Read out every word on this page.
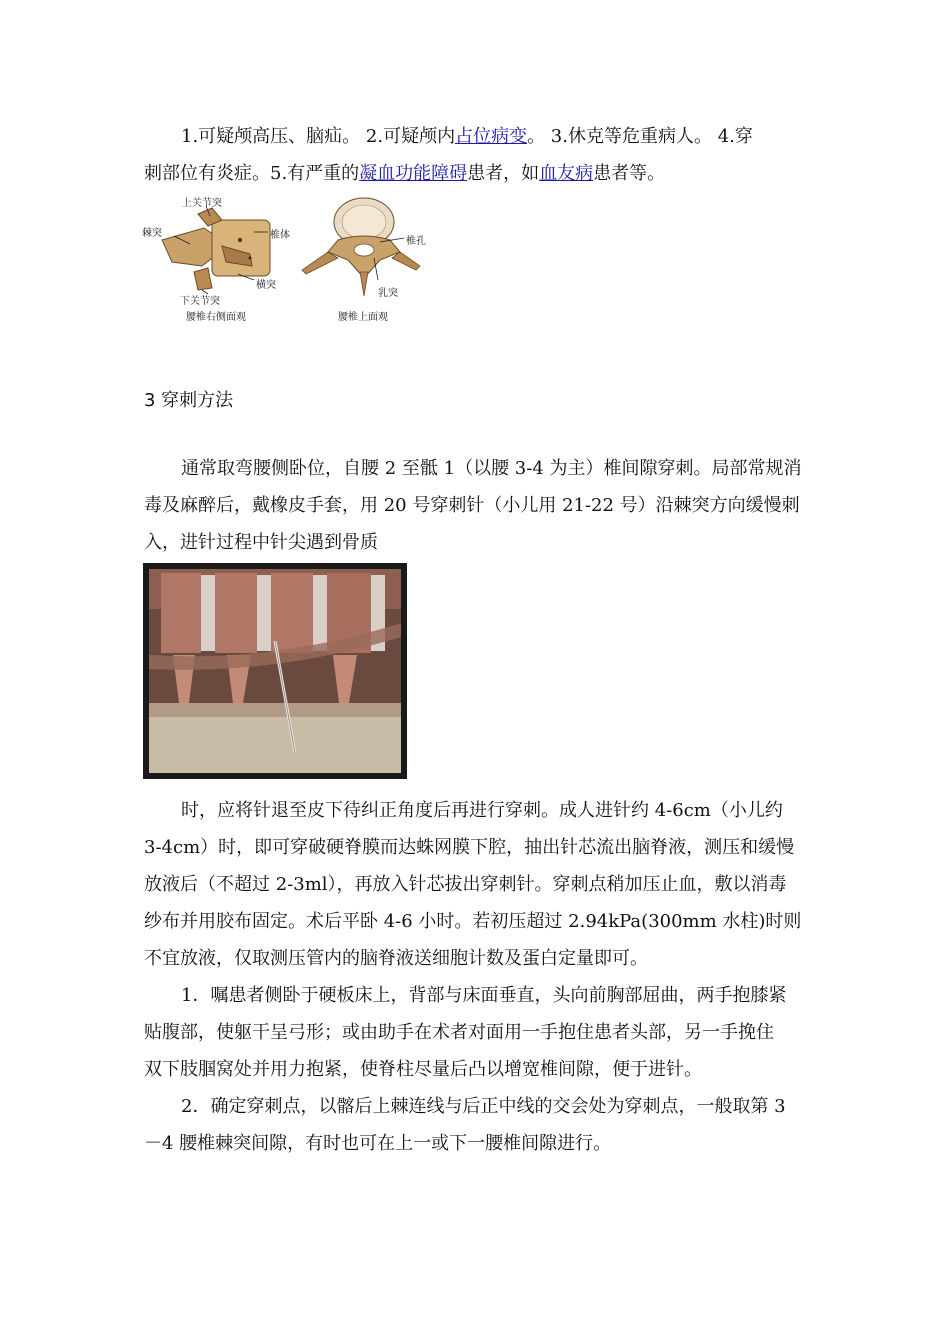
1.可疑颅高压、脑疝。 2.可疑颅内占位病变。 3.休克等危重病人。 4.穿
刺部位有炎症。5.有严重的凝血功能障碍患者，如血友病患者等。
上关节突
棘突	椎体
横突
下关节突
腰椎右侧面观
椎孔
乳突
腰椎上面观
3 穿刺方法
通常取弯腰侧卧位，自腰 2 至骶 1（以腰 3-4 为主）椎间隙穿刺。局部常规消
毒及麻醉后，戴橡皮手套，用 20 号穿刺针（小儿用 21-22 号）沿棘突方向缓慢刺
入，进针过程中针尖遇到骨质
时，应将针退至皮下待纠正角度后再进行穿刺。成人进针约 4-6cm（小儿约
3-4cm）时，即可穿破硬脊膜而达蛛网膜下腔，抽出针芯流出脑脊液，测压和缓慢
放液后（不超过 2-3ml），再放入针芯拔出穿刺针。穿刺点稍加压止血，敷以消毒
纱布并用胶布固定。术后平卧 4-6 小时。若初压超过 2.94kPa(300mm 水柱)时则
不宜放液，仅取测压管内的脑脊液送细胞计数及蛋白定量即可。
1．嘱患者侧卧于硬板床上，背部与床面垂直，头向前胸部屈曲，两手抱膝紧
贴腹部，使躯干呈弓形；或由助手在术者对面用一手抱住患者头部，另一手挽住
双下肢腘窝处并用力抱紧，使脊柱尽量后凸以增宽椎间隙，便于进针。
2．确定穿刺点，以髂后上棘连线与后正中线的交会处为穿刺点，一般取第 3
－4 腰椎棘突间隙，有时也可在上一或下一腰椎间隙进行。
